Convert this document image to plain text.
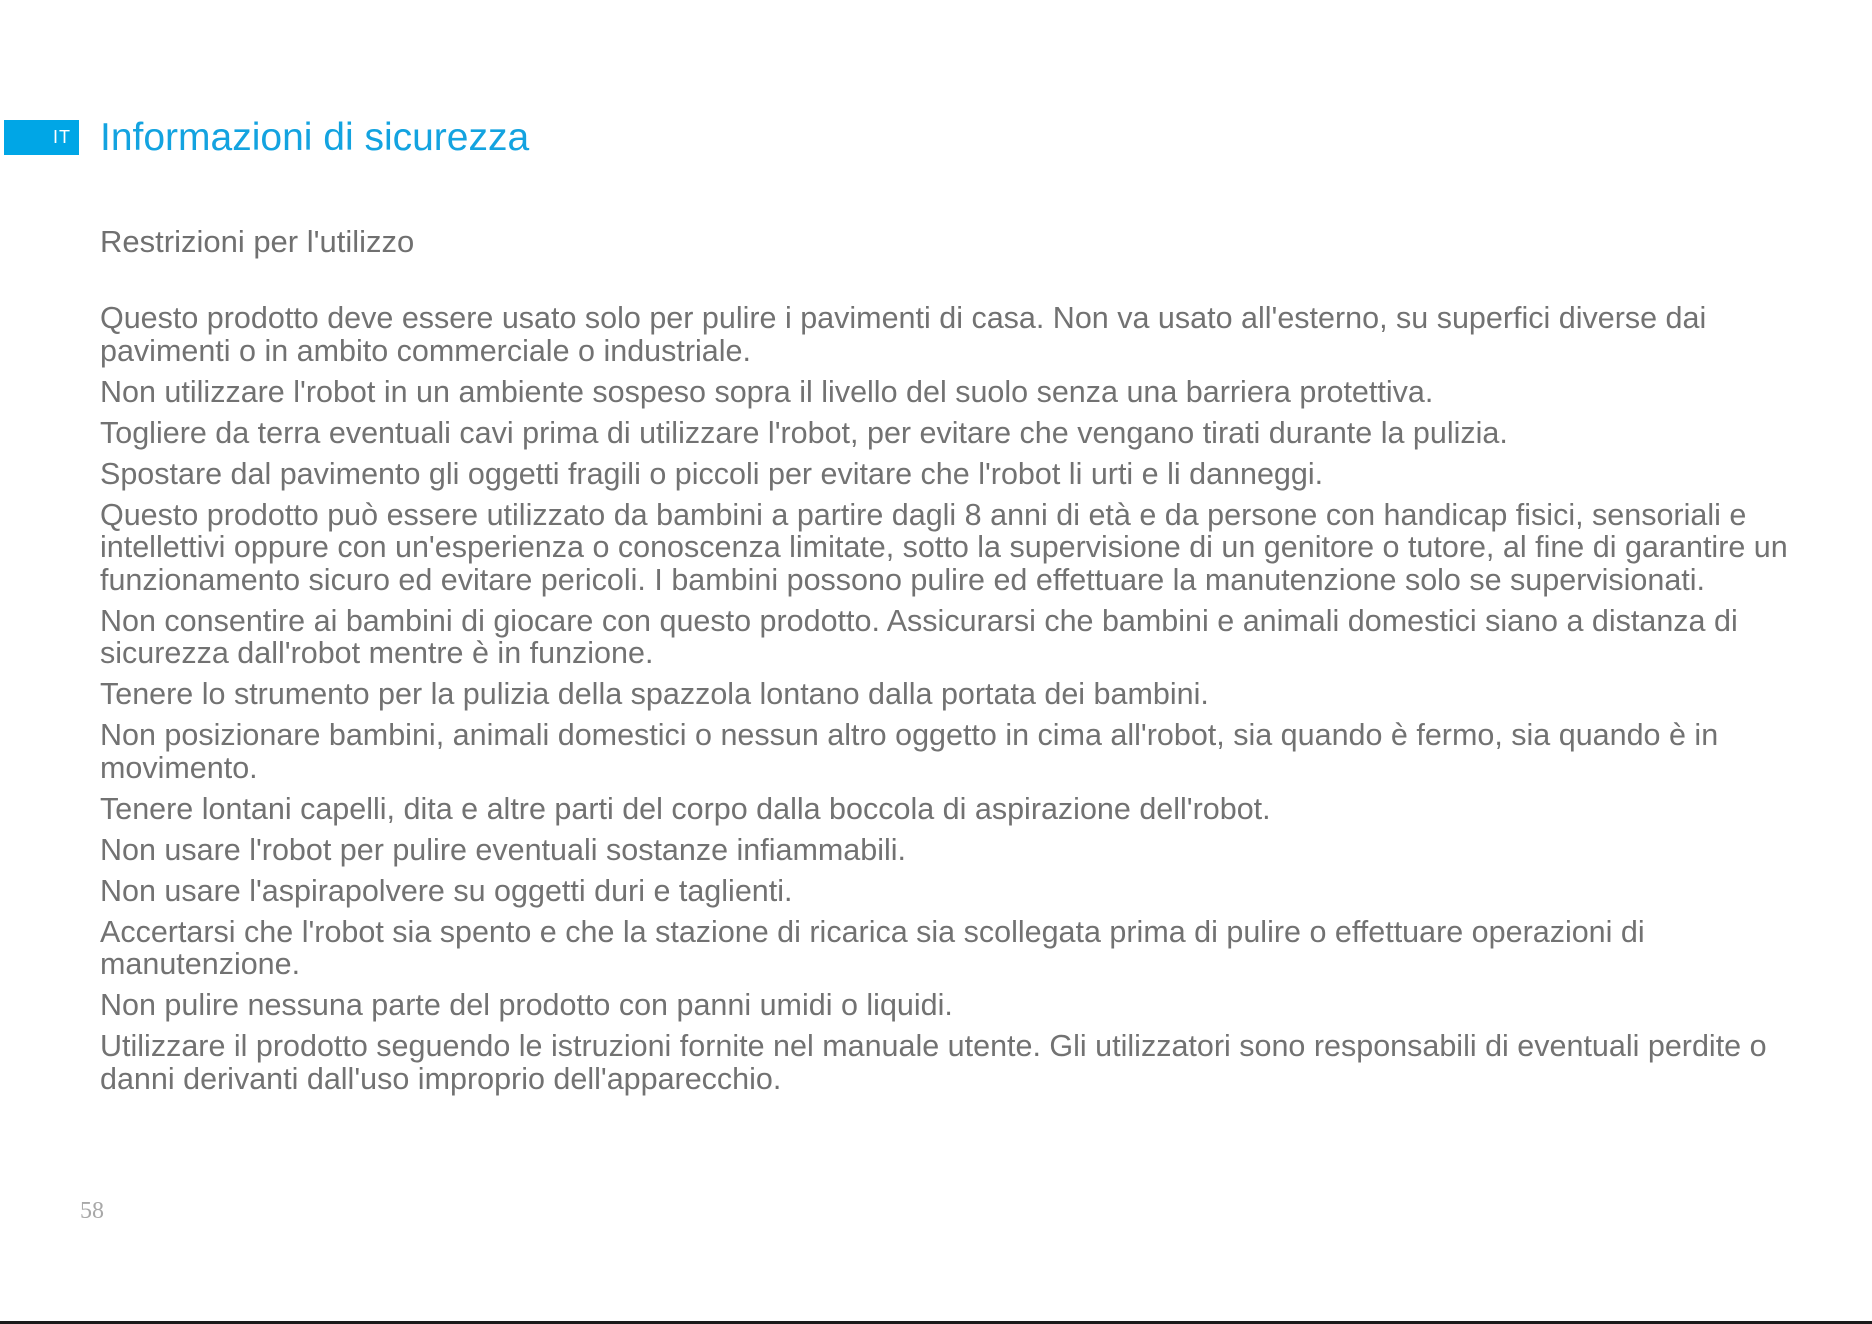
IT Informazioni di sicurezza
Restrizioni per l'utilizzo
Questo prodotto deve essere usato solo per pulire i pavimenti di casa. Non va usato all'esterno, su superfici diverse dai pavimenti o in ambito commerciale o industriale.
Non utilizzare l'robot in un ambiente sospeso sopra il livello del suolo senza una barriera protettiva.
Togliere da terra eventuali cavi prima di utilizzare l'robot, per evitare che vengano tirati durante la pulizia.
Spostare dal pavimento gli oggetti fragili o piccoli per evitare che l'robot li urti e li danneggi.
Questo prodotto può essere utilizzato da bambini a partire dagli 8 anni di età e da persone con handicap fisici, sensoriali e intellettivi oppure con un'esperienza o conoscenza limitate, sotto la supervisione di un genitore o tutore, al fine di garantire un funzionamento sicuro ed evitare pericoli. I bambini possono pulire ed effettuare la manutenzione solo se supervisionati.
Non consentire ai bambini di giocare con questo prodotto. Assicurarsi che bambini e animali domestici siano a distanza di sicurezza dall'robot mentre è in funzione.
Tenere lo strumento per la pulizia della spazzola lontano dalla portata dei bambini.
Non posizionare bambini, animali domestici o nessun altro oggetto in cima all'robot, sia quando è fermo, sia quando è in movimento.
Tenere lontani capelli, dita e altre parti del corpo dalla boccola di aspirazione dell'robot.
Non usare l'robot per pulire eventuali sostanze infiammabili.
Non usare l'aspirapolvere su oggetti duri e taglienti.
Accertarsi che l'robot sia spento e che la stazione di ricarica sia scollegata prima di pulire o effettuare operazioni di manutenzione.
Non pulire nessuna parte del prodotto con panni umidi o liquidi.
Utilizzare il prodotto seguendo le istruzioni fornite nel manuale utente. Gli utilizzatori sono responsabili di eventuali perdite o danni derivanti dall'uso improprio dell'apparecchio.
58
